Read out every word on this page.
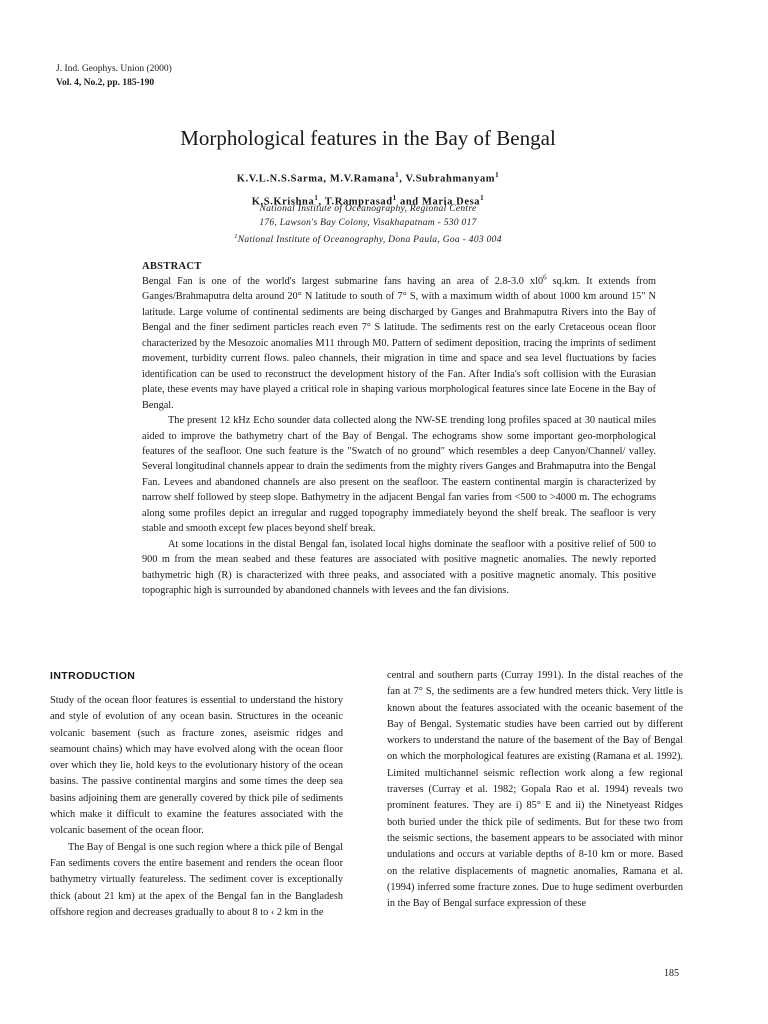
J. Ind. Geophys. Union (2000)
Vol. 4, No.2, pp. 185-190
Morphological features in the Bay of Bengal
K.V.L.N.S.Sarma, M.V.Ramana$^1$, V.Subrahmanyam$^1$
K.S.Krishna$^1$, T.Ramprasad$^1$ and Maria Desa$^1$
National Institute of Oceanography, Regional Centre
176, Lawson's Bay Colony, Visakhapatnam - 530 017
$^1$National Institute of Oceanography, Dona Paula, Goa - 403 004
ABSTRACT

Bengal Fan is one of the world's largest submarine fans having an area of 2.8-3.0 $xl0^6$ sq.km. It extends from Ganges/Brahmaputra delta around 20° N latitude to south of 7° S, with a maximum width of about 1000 km around 15" N latitude. Large volume of continental sediments are being discharged by Ganges and Brahmaputra Rivers into the Bay of Bengal and the finer sediment particles reach even 7° S latitude. The sediments rest on the early Cretaceous ocean floor characterized by the Mesozoic anomalies M11 through M0. Pattern of sediment deposition, tracing the imprints of sediment movement, turbidity current flows. paleo channels, their migration in time and space and sea level fluctuations by facies identification can be used to reconstruct the development history of the Fan. After India's soft collision with the Eurasian plate, these events may have played a critical role in shaping various morphological features since late Eocene in the Bay of Bengal.

The present 12 kHz Echo sounder data collected along the NW-SE trending long profiles spaced at 30 nautical miles aided to improve the bathymetry chart of the Bay of Bengal. The echograms show some important geo-morphological features of the seafloor. One such feature is the "Swatch of no ground" which resembles a deep Canyon/Channel/ valley. Several longitudinal channels appear to drain the sediments from the mighty rivers Ganges and Brahmaputra into the Bengal Fan. Levees and abandoned channels are also present on the seafloor. The eastern continental margin is characterized by narrow shelf followed by steep slope. Bathymetry in the adjacent Bengal fan varies from <500 to >4000 m. The echograms along some profiles depict an irregular and rugged topography immediately beyond the shelf break. The seafloor is very stable and smooth except few places beyond shelf break.

At some locations in the distal Bengal fan, isolated local highs dominate the seafloor with a positive relief of 500 to 900 m from the mean seabed and these features are associated with positive magnetic anomalies. The newly reported bathymetric high (R) is characterized with three peaks, and associated with a positive magnetic anomaly. This positive topographic high is surrounded by abandoned channels with levees and the fan divisions.

INTRODUCTION

Study of the ocean floor features is essential to understand the history and style of evolution of any ocean basin. Structures in the oceanic volcanic basement (such as fracture zones, aseismic ridges and seamount chains) which may have evolved along with the ocean floor over which they lie, hold keys to the evolutionary history of the ocean basins. The passive continental margins and some times the deep sea basins adjoining them are generally covered by thick pile of sediments which make it difficult to examine the features associated with the volcanic basement of the ocean floor.

The Bay of Bengal is one such region where a thick pile of Bengal Fan sediments covers the entire basement and renders the ocean floor bathymetry virtually featureless. The sediment cover is exceptionally thick (about 21 km) at the apex of the Bengal fan in the Bangladesh offshore region and decreases gradually to about 8 to ‹ 2 km in the

central and southern parts (Curray 1991). In the distal reaches of the fan at 7° S, the sediments are a few hundred meters thick. Very little is known about the features associated with the oceanic basement of the Bay of Bengal. Systematic studies have been carried out by different workers to understand the nature of the basement of the Bay of Bengal on which the morphological features are existing (Ramana et al. 1992). Limited multichannel seismic reflection work along a few regional traverses (Curray et al. 1982; Gopala Rao et al. 1994) reveals two prominent features. They are i) 85° E and ii) the Ninetyeast Ridges both buried under the thick pile of sediments. But for these two from the seismic sections, the basement appears to be associated with minor undulations and occurs at variable depths of 8-10 km or more. Based on the relative displacements of magnetic anomalies, Ramana et al. (1994) inferred some fracture zones. Due to huge sediment overburden in the Bay of Bengal surface expression of these

185
